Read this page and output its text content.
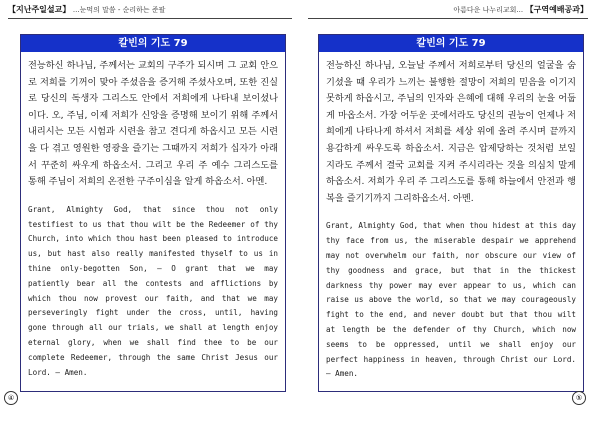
【지난주일설교】 ...눈먹의 말씀 - 순리하는 준팔
칼빈의 기도 79
전능하신 하나님, 주께서는 교회의 구주가 되시며 그 교회 안으로 저희를 기꺼이 맞아 주셨음을 증거해 주셨사오며, 또한 진실로 당신의 독생자 그리스도 안에서 저희에게 나타내 보이셨나이다. 오, 주님, 이제 저희가 신앙을 증명해 보이기 위해 주께서 내리시는 모든 시험과 시련을 참고 견디게 하옵시고 모든 시련을 다 겪고 영원한 영광을 즐기는 그때까지 저희가 십자가 아래서 꾸준히 싸우게 하옵소서. 그리고 우리 주 예수 그리스도를 통해 주님이 저희의 온전한 구주이심을 알게 하옵소서. 아멘.
Grant, Almighty God, that since thou not only testifiest to us that thou wilt be the Redeemer of thy Church, into which thou hast been pleased to introduce us, but hast also really manifested thyself to us in thine only-begotten Son, — O grant that we may patiently bear all the contests and afflictions by which thou now provest our faith, and that we may perseveringly fight under the cross, until, having gone through all our trials, we shall at length enjoy eternal glory, when we shall find thee to be our complete Redeemer, through the same Christ Jesus our Lord. — Amen.
④
아름다운 나누리교회... 【구역예배공과】
칼빈의 기도 79
전능하신 하나님, 오늘날 주께서 저희로부터 당신의 얼굴을 숨기셨을 때 우리가 느끼는 불행한 절망이 저희의 믿음을 이기지 못하게 하옵시고, 주님의 인자와 은혜에 대해 우리의 눈을 어둡게 마옵소서. 가장 어두운 곳에서라도 당신의 권능이 언제나 저희에게 나타나게 하셔서 저희를 세상 위에 올려 주시며 끝까지 용감하게 싸우도록 하옵소서. 지금은 압제당하는 것처럼 보일지라도 주께서 결국 교회를 지켜 주시리라는 것을 의심치 말게 하옵소서. 저희가 우리 주 그리스도를 통해 하늘에서 안전과 행복을 즐기기까지 그리하옵소서. 아멘.
Grant, Almighty God, that when thou hidest at this day thy face from us, the miserable despair we apprehend may not overwhelm our faith, nor obscure our view of thy goodness and grace, but that in the thickest darkness thy power may ever appear to us, which can raise us above the world, so that we may courageously fight to the end, and never doubt but that thou wilt at length be the defender of thy Church, which now seems to be oppressed, until we shall enjoy our perfect happiness in heaven, through Christ our Lord. — Amen.
⑤
